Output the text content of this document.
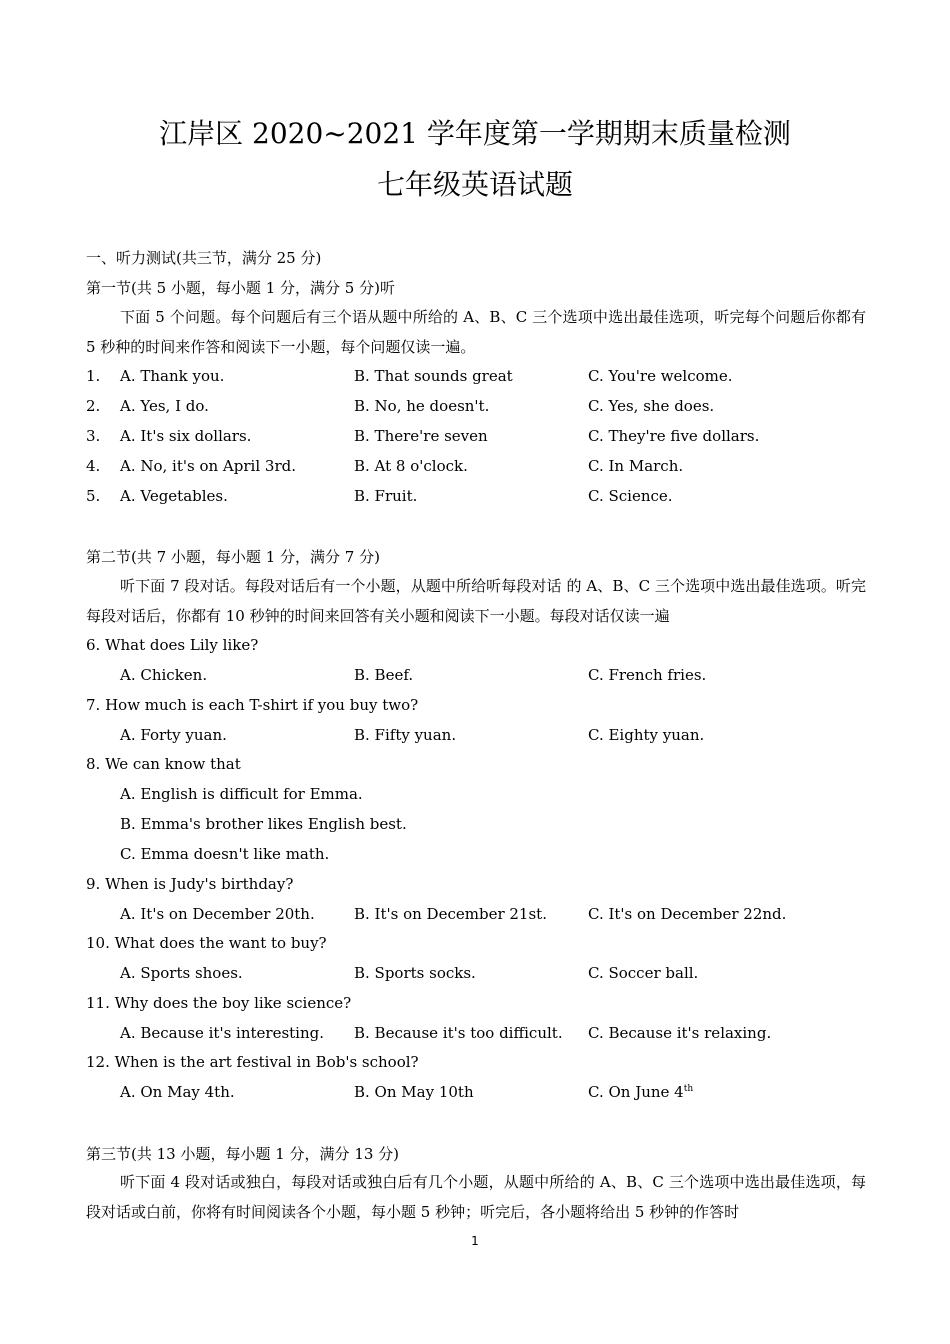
江岸区 2020~2021 学年度第一学期期末质量检测
七年级英语试题
一、听力测试(共三节，满分 25 分)
第一节(共 5 小题，每小题 1 分，满分 5 分)听
下面 5 个问题。每个问题后有三个语从题中所给的 A、B、C 三个选项中选出最佳选项，听完每个问题后你都有 5 秒种的时间来作答和阅读下一小题，每个问题仅读一遍。
1. A. Thank you.	B. That sounds great	C. You're welcome.
2. A. Yes, I do.	B. No, he doesn't.	C. Yes, she does.
3. A. It's six dollars.	B. There're seven	C. They're five dollars.
4. A. No, it's on April 3rd.	B. At 8 o'clock.	C. In March.
5. A. Vegetables.	B. Fruit.	C. Science.
第二节(共 7 小题，每小题 1 分，满分 7 分)
听下面 7 段对话。每段对话后有一个小题，从题中所给听每段对话 的 A、B、C 三个选项中选出最佳选项。听完每段对话后，你都有 10 秒钟的时间来回答有关小题和阅读下一小题。每段对话仅读一遍
6. What does Lily like?
A. Chicken.	B. Beef.	C. French fries.
7. How much is each T-shirt if you buy two?
A. Forty yuan.	B. Fifty yuan.	C. Eighty yuan.
8. We can know that
A. English is difficult for Emma.
B. Emma's brother likes English best.
C. Emma doesn't like math.
9. When is Judy's birthday?
A. It's on December 20th.	B. It's on December 21st.	C. It's on December 22nd.
10. What does the want to buy?
A. Sports shoes.	B. Sports socks.	C. Soccer ball.
11. Why does the boy like science?
A. Because it's interesting. B. Because it's too difficult. C. Because it's relaxing.
12. When is the art festival in Bob's school?
A. On May 4th.	B. On May 10th	C. On June 4th
第三节(共 13 小题，每小题 1 分，满分 13 分)
听下面 4 段对话或独白，每段对话或独白后有几个小题，从题中所给的 A、B、C 三个选项中选出最佳选项，每段对话或白前，你将有时间阅读各个小题，每小题 5 秒钟；听完后，各小题将给出 5 秒钟的作答时
1
